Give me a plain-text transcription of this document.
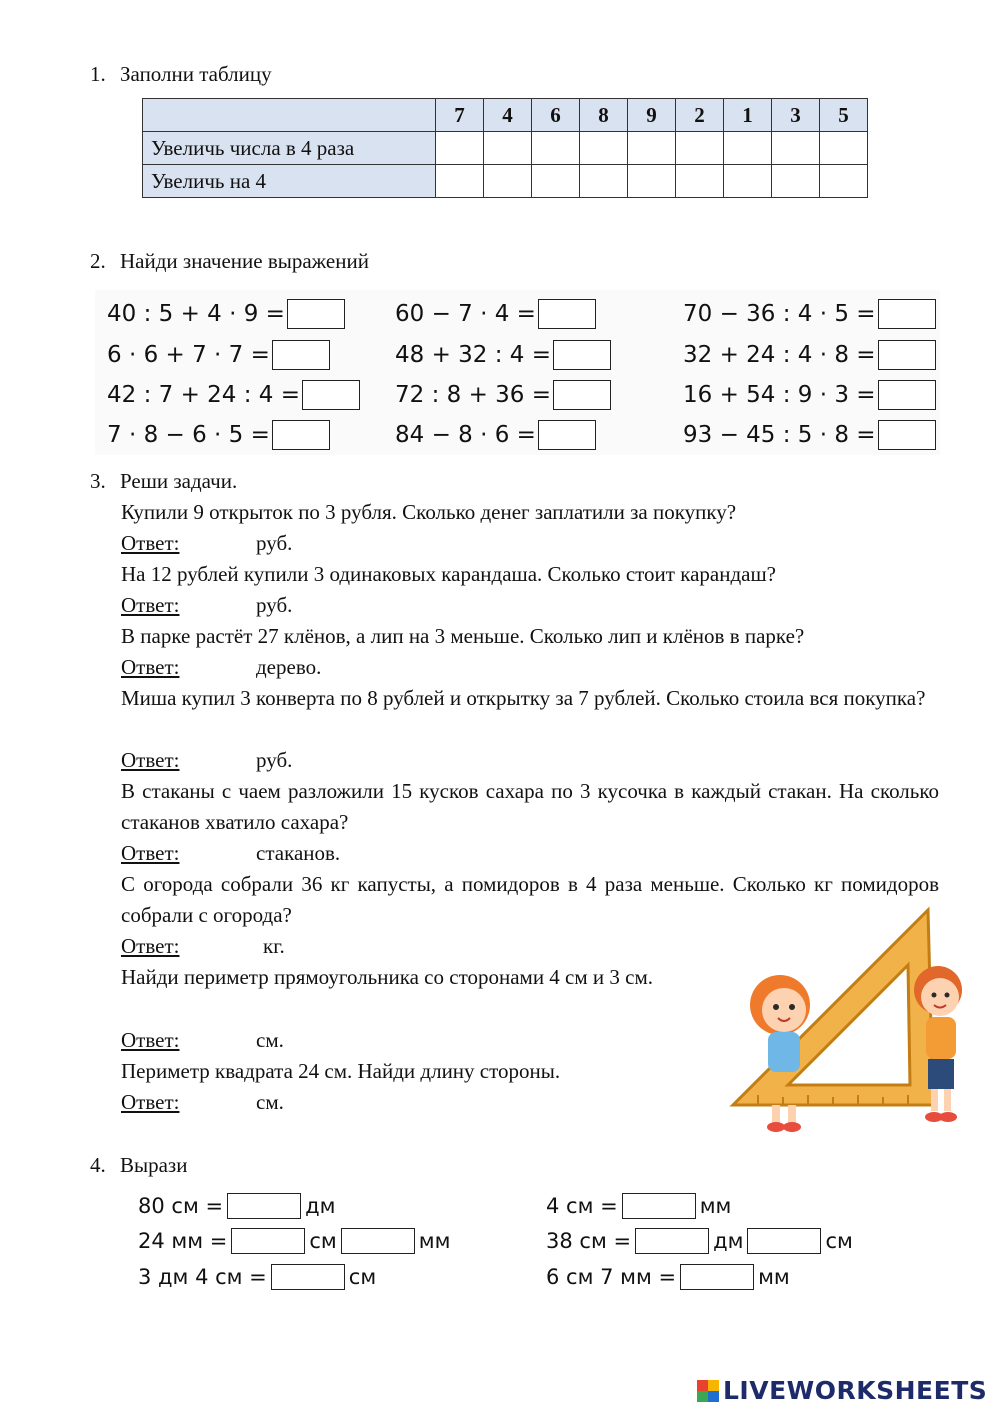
1. Заполни таблицу
	7	4	6	8	9	2	1	3	5
Увеличь числа в 4 раза									
Увеличь на 4									
2. Найди значение выражений
40 : 5 + 4 · 9 =	60 − 7 · 4 =	70 − 36 : 4 · 5 =
6 · 6 + 7 · 7 =	48 + 32 : 4 =	32 + 24 : 4 · 8 =
42 : 7 + 24 : 4 =	72 : 8 + 36 =	16 + 54 : 9 · 3 =
7 · 8 − 6 · 5 =	84 − 8 · 6 =	93 − 45 : 5 · 8 =
3. Реши задачи.
Купили 9 открыток по 3 рубля. Сколько денег заплатили за покупку?
Ответ:	руб.
На 12 рублей купили 3 одинаковых карандаша. Сколько стоит карандаш?
Ответ:	руб.
В парке растёт 27 клёнов, а лип на 3 меньше. Сколько лип и клёнов в парке?
Ответ:	дерево.
Миша купил 3 конверта по 8 рублей и открытку за 7 рублей. Сколько стоила вся покупка?
Ответ:	руб.
В стаканы с чаем разложили 15 кусков сахара по 3 кусочка в каждый стакан. На сколько стаканов хватило сахара?
Ответ:	стаканов.
С огорода собрали 36 кг капусты, а помидоров в 4 раза меньше. Сколько кг помидоров собрали с огорода?
Ответ:	кг.
Найди периметр прямоугольника со сторонами 4 см и 3 см.
Ответ:	см.
Периметр квадрата 24 см. Найди длину стороны.
Ответ:	см.
4. Вырази
80 см =	дм	4 см =	мм
24 мм =	см	мм	38 см =	дм	см
3 дм 4 см =	см	6 см 7 мм =	мм
LIVEWORKSHEETS
